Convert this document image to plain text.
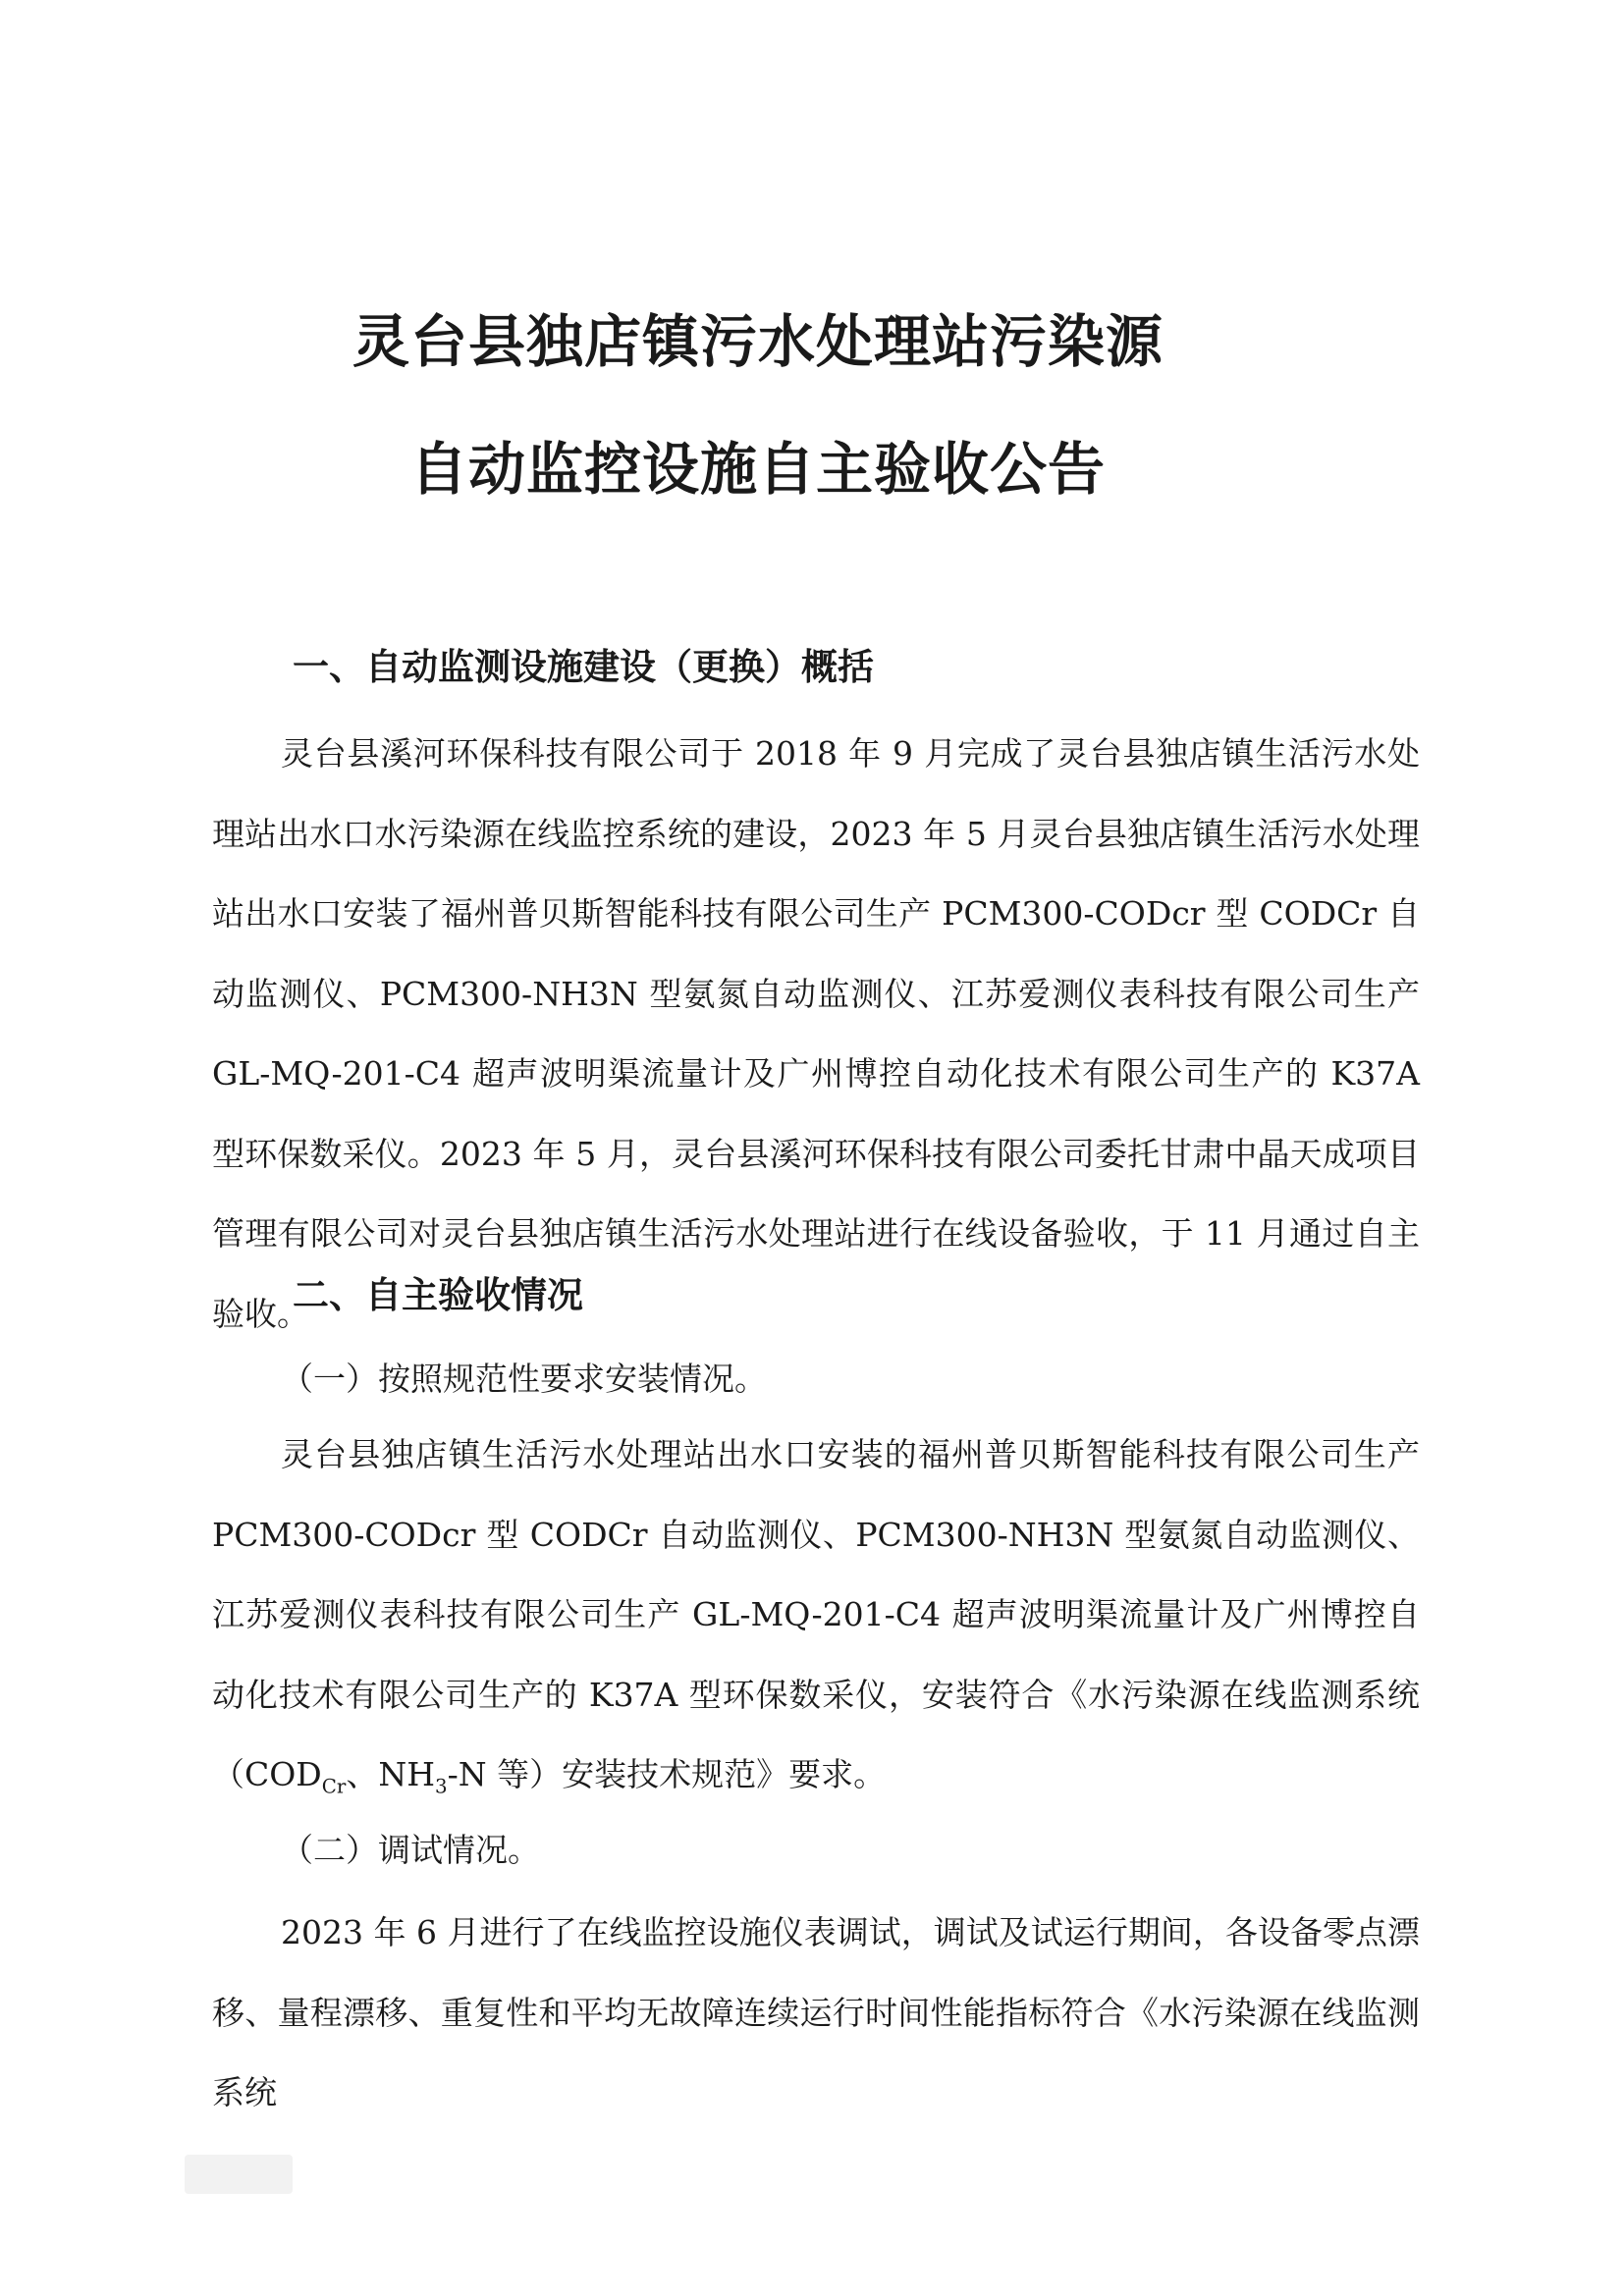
灵台县独店镇污水处理站污染源
自动监控设施自主验收公告
一、自动监测设施建设（更换）概括

灵台县溪河环保科技有限公司于 2018 年 9 月完成了灵台县独店镇生活污水处理站出水口水污染源在线监控系统的建设，2023 年 5 月灵台县独店镇生活污水处理站出水口安装了福州普贝斯智能科技有限公司生产 PCM300-CODcr 型 CODCr 自动监测仪、PCM300-NH3N 型氨氮自动监测仪、江苏爱测仪表科技有限公司生产 GL-MQ-201-C4 超声波明渠流量计及广州博控自动化技术有限公司生产的 K37A 型环保数采仪。2023 年 5 月，灵台县溪河环保科技有限公司委托甘肃中晶天成项目管理有限公司对灵台县独店镇生活污水处理站进行在线设备验收，于 11 月通过自主验收。

二、自主验收情况

（一）按照规范性要求安装情况。

灵台县独店镇生活污水处理站出水口安装的福州普贝斯智能科技有限公司生产 PCM300-CODcr 型 CODCr 自动监测仪、PCM300-NH3N 型氨氮自动监测仪、江苏爱测仪表科技有限公司生产 GL-MQ-201-C4 超声波明渠流量计及广州博控自动化技术有限公司生产的 K37A 型环保数采仪，安装符合《水污染源在线监测系统（$COD_{Cr}$、$NH_3-N$ 等）安装技术规范》要求。

（二）调试情况。

2023 年 6 月进行了在线监控设施仪表调试，调试及试运行期间，各设备零点漂移、量程漂移、重复性和平均无故障连续运行时间性能指标符合《水污染源在线监测系统
